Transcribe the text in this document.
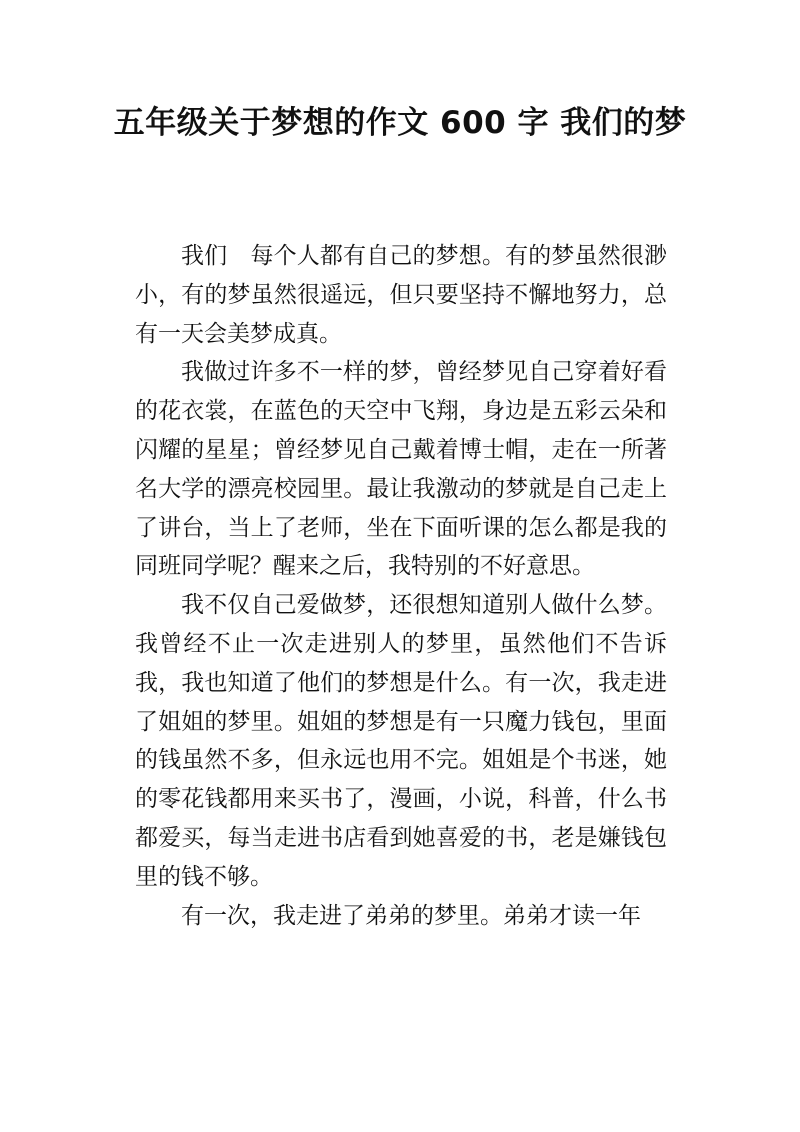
五年级关于梦想的作文 600 字 我们的梦

我们　每个人都有自己的梦想。有的梦虽然很渺小，有的梦虽然很遥远，但只要坚持不懈地努力，总有一天会美梦成真。

我做过许多不一样的梦，曾经梦见自己穿着好看的花衣裳，在蓝色的天空中飞翔，身边是五彩云朵和闪耀的星星；曾经梦见自己戴着博士帽，走在一所著名大学的漂亮校园里。最让我激动的梦就是自己走上了讲台，当上了老师，坐在下面听课的怎么都是我的同班同学呢？醒来之后，我特别的不好意思。

我不仅自己爱做梦，还很想知道别人做什么梦。我曾经不止一次走进别人的梦里，虽然他们不告诉我，我也知道了他们的梦想是什么。有一次，我走进了姐姐的梦里。姐姐的梦想是有一只魔力钱包，里面的钱虽然不多，但永远也用不完。姐姐是个书迷，她的零花钱都用来买书了，漫画，小说，科普，什么书都爱买，每当走进书店看到她喜爱的书，老是嫌钱包里的钱不够。

有一次，我走进了弟弟的梦里。弟弟才读一年
